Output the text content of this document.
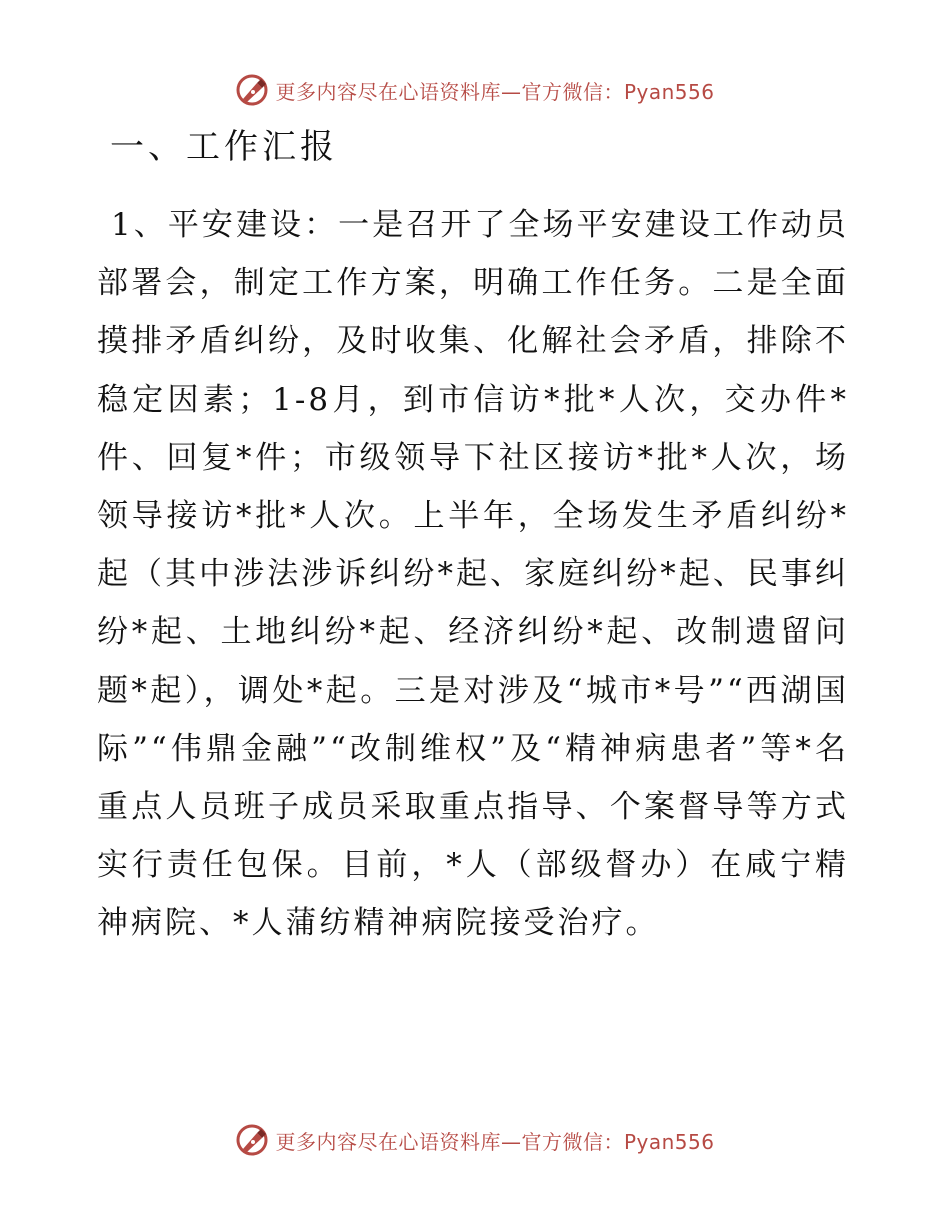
更多内容尽在心语资料库—官方微信：Pyan556
一、工作汇报

1、平安建设：一是召开了全场平安建设工作动员部署会，制定工作方案，明确工作任务。二是全面摸排矛盾纠纷，及时收集、化解社会矛盾，排除不稳定因素；1-8月，到市信访*批*人次，交办件*件、回复*件；市级领导下社区接访*批*人次，场领导接访*批*人次。上半年，全场发生矛盾纠纷*起（其中涉法涉诉纠纷*起、家庭纠纷*起、民事纠纷*起、土地纠纷*起、经济纠纷*起、改制遗留问题*起），调处*起。三是对涉及“城市*号”“西湖国际”“伟鼎金融”“改制维权”及“精神病患者”等*名重点人员班子成员采取重点指导、个案督导等方式实行责任包保。目前，*人（部级督办）在咸宁精神病院、*人蒲纺精神病院接受治疗。

更多内容尽在心语资料库—官方微信：Pyan556
